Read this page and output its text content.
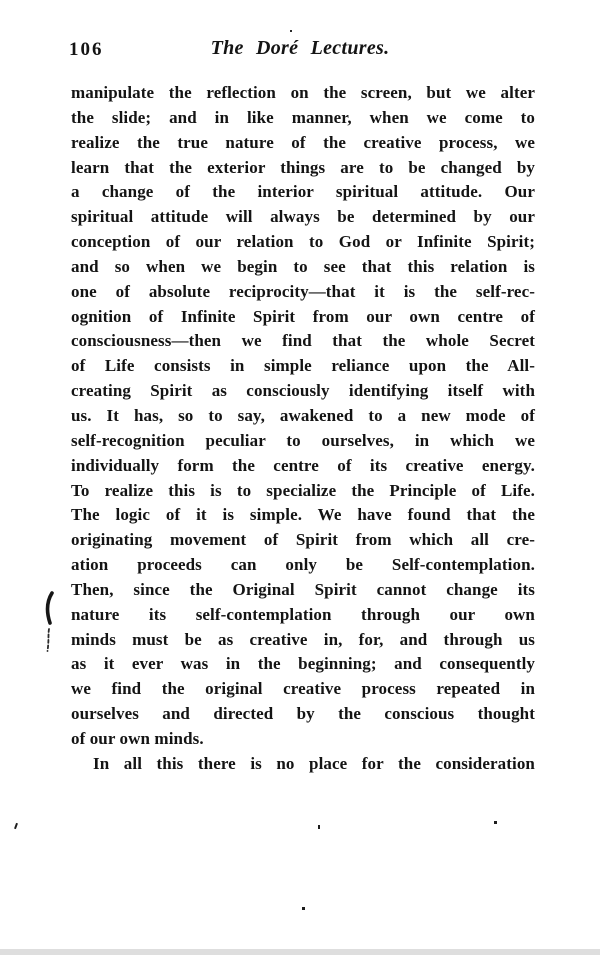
106	The Doré Lectures.
manipulate the reflection on the screen, but we alter
the slide; and in like manner, when we come to
realize the true nature of the creative process, we
learn that the exterior things are to be changed by
a change of the interior spiritual attitude. Our
spiritual attitude will always be determined by our
conception of our relation to God or Infinite Spirit;
and so when we begin to see that this relation is
one of absolute reciprocity—that it is the self-rec-
ognition of Infinite Spirit from our own centre of
consciousness—then we find that the whole Secret
of Life consists in simple reliance upon the All-
creating Spirit as consciously identifying itself with
us. It has, so to say, awakened to a new mode of
self-recognition peculiar to ourselves, in which we
individually form the centre of its creative energy.
To realize this is to specialize the Principle of Life.
The logic of it is simple. We have found that the
originating movement of Spirit from which all cre-
ation proceeds can only be Self-contemplation.
Then, since the Original Spirit cannot change its
nature its self-contemplation through our own
minds must be as creative in, for, and through us
as it ever was in the beginning; and consequently
we find the original creative process repeated in
ourselves and directed by the conscious thought
of our own minds.
In all this there is no place for the consideration
